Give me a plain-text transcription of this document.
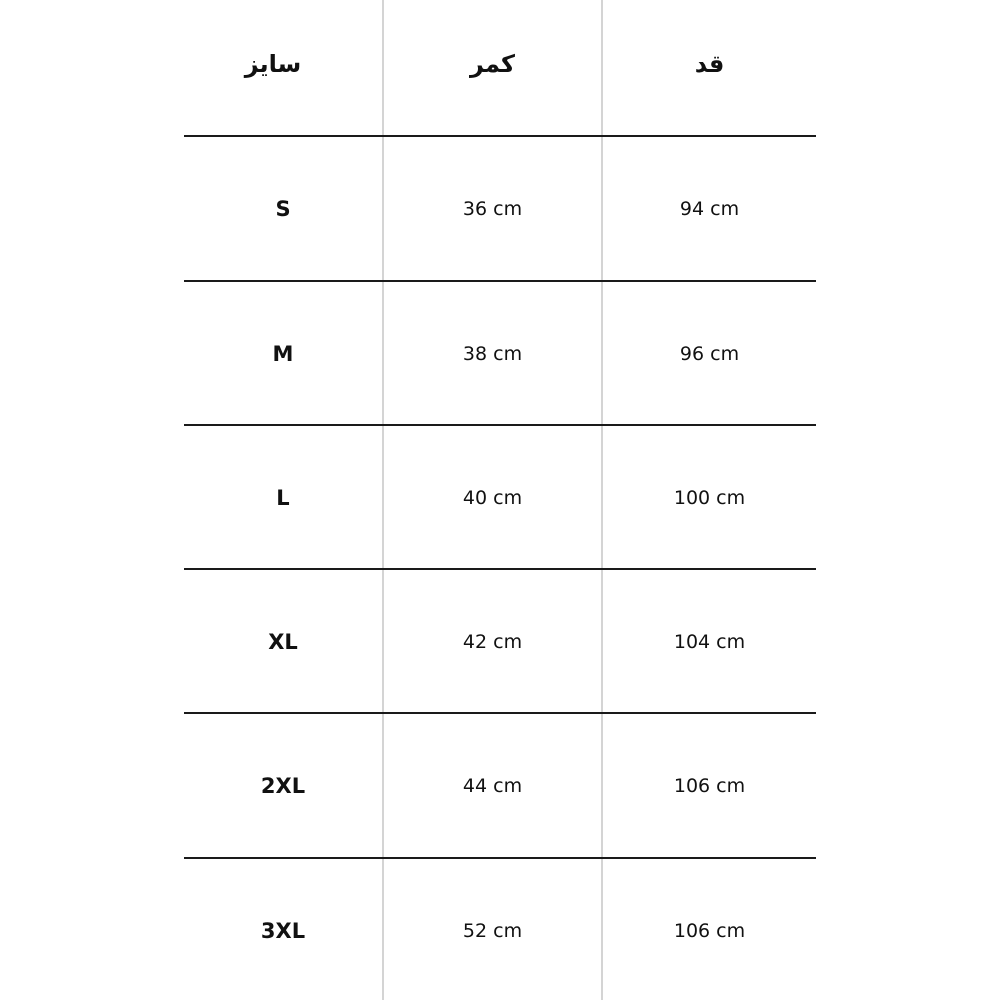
سایز	کمر	قد
S	36 cm	94 cm
M	38 cm	96 cm
L	40 cm	100 cm
XL	42 cm	104 cm
2XL	44 cm	106 cm
3XL	52 cm	106 cm
